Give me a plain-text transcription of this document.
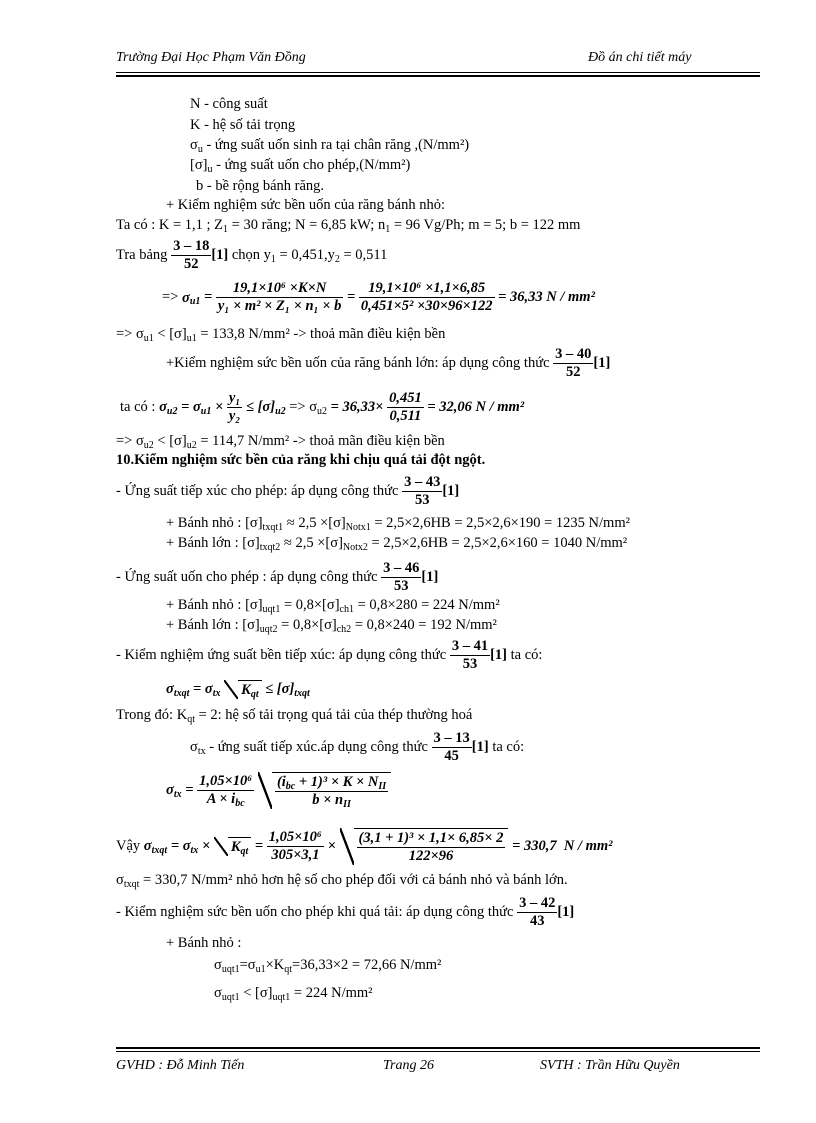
Trường Đại Học Phạm Văn Đồng	Đồ án chi tiết máy
N - công suất
K - hệ số tải trọng
$\sigma_u$ - ứng suất uốn sinh ra tại chân răng ,(N/mm²)
$[\sigma]_u$ - ứng suất uốn cho phép,(N/mm²)
b - bề rộng bánh răng.
+ Kiểm nghiệm sức bền uốn của răng bánh nhỏ:
Ta có : K = 1,1 ; $Z_1 = 30$ răng; N = 6,85 kW; $n_1 = 96$ Vg/Ph; m = 5; b = 122 mm
Tra bảng $\frac{3 - 18}{52} [1]$ chọn $y_1 = 0,451,y_2 = 0,511$
=> $\sigma_{u1} = \frac{\text{19,1×10⁶ ×K×N}}{\text{y₁ × m² × Z₁ × n₁ × b}} = \frac{\text{19,1×10⁶ ×1,1×6,85}}{\text{0,451×5² ×30×96×122}} = 36,33$ N / mm²
=> $\sigma_{u1} < [\sigma]_{u1} = 133,8$ N/mm² -> thoả mãn điều kiện bền
+Kiểm nghiệm sức bền uốn của răng bánh lớn: áp dụng công thức $\frac{3 - 40}{52} [1]$
ta có : $\sigma_{u2} = \sigma_{u1} \times \frac{\text{y₁}}{\text{y₂}} \le [\sigma]_{u2} => \sigma_{u2} = 36,33\times \frac{0,451}{0,511} = 32,06$ N / mm²
=> $\sigma_{u2} < [\sigma]_{u2} = 114,7$ N/mm² -> thoả mãn điều kiện bền
10.Kiểm nghiệm sức bền của răng khi chịu quá tải đột ngột.
- Ứng suất tiếp xúc cho phép: áp dụng công thức $\frac{3 - 43}{53} [1]$
+ Bánh nhỏ : $[\sigma]_{txqt1} \approx 2,5 \times[\sigma]_{Notx1} = 2,5\times 2,6HB = 2,5\times 2,6\times 190 = 1235$ N/mm²
+ Bánh lớn : $[\sigma]_{txqt2} \approx 2,5 \times[\sigma]_{Notx2} = 2,5\times 2,6HB = 2,5\times 2,6\times 160 = 1040$ N/mm²
- Ứng suất uốn cho phép : áp dụng công thức $\frac{3 - 46}{53} [1]$
+ Bánh nhỏ : $[\sigma]_{uqt1} = 0,8\times[\sigma]_{ch1} = 0,8\times 280 = 224$ N/mm²
+ Bánh lớn : $[\sigma]_{uqt2} = 0,8\times[\sigma]_{ch2} = 0,8\times 240 = 192$ N/mm²
- Kiểm nghiệm ứng suất bền tiếp xúc: áp dụng công thức $\frac{3 - 41}{53} [1]$ ta có:
$\sigma_{txqt} = \sigma_{tx}$ $K_{qt} \le [\sigma]_{txqt}$
Trong đó: $K_{qt} = 2$: hệ số tải trọng quá tải của thép thường hoá
$\sigma_{tx}$ - ứng suất tiếp xúc.áp dụng công thức $\frac{3 - 13}{45} [1]$ ta có:
$\sigma_{tx} = \frac{\text{1,05×10⁶}}{A \times i_{bc}}$
$\frac{(i_{bc} + 1)^3 \times K \times N_{II}}{b \times n_{II}}$
Vậy $\sigma_{txqt} = \sigma_{tx} \times K_{qt} = \frac{\text{1,05×10⁶}}{305\times 3,1} \times \frac{\text{(3,1 + 1)³ × 1,1× 6,85× 2}}{122\times 96} = 330,7$ N / mm²
$\sigma_{txqt} = 330,7$ N/mm² nhỏ hơn hệ số cho phép đối với cả bánh nhỏ và bánh lớn.
- Kiểm nghiệm sức bền uốn cho phép khi quá tải: áp dụng công thức $\frac{3 - 42}{43} [1]$
+ Bánh nhỏ :
$\sigma_{uqt1}=\sigma_{u1}\times K_{qt}=36,33\times 2 = 72,66$ N/mm²
$\sigma_{uqt1} < [\sigma]_{uqt1} = 224$ N/mm²
GVHD : Đỗ Minh Tiến	Trang 26	SVTH : Trần Hữu Quyền
